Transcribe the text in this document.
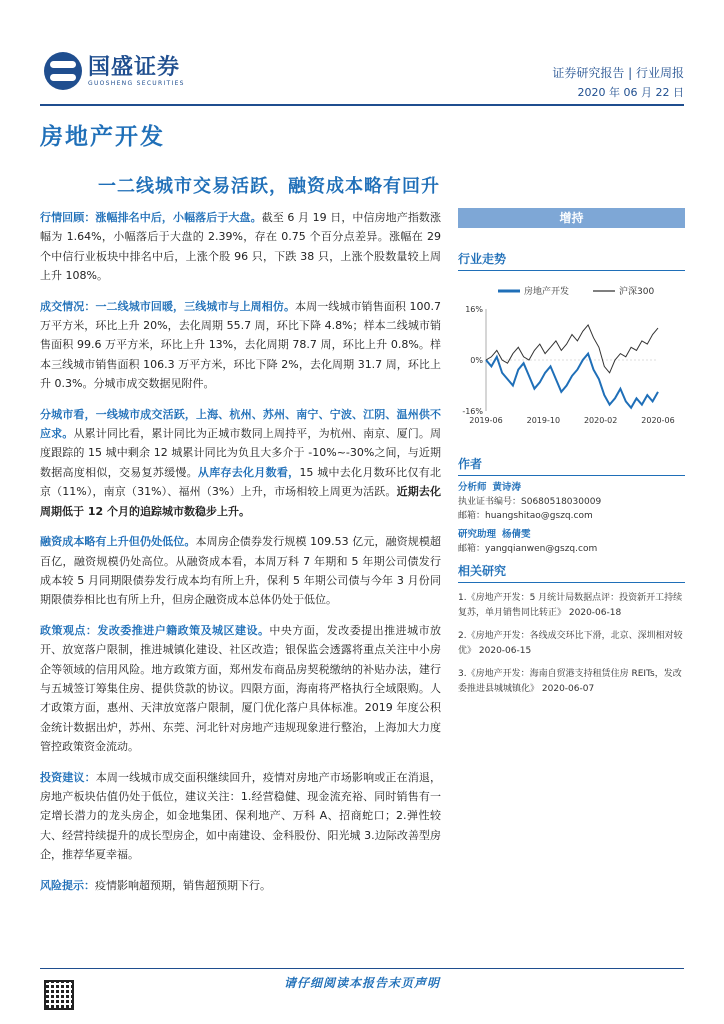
国盛证券
GUOSHENG SECURITIES
证券研究报告 | 行业周报
2020 年 06 月 22 日
房地产开发
一二线城市交易活跃，融资成本略有回升

行情回顾：涨幅排名中后，小幅落后于大盘。截至 6 月 19 日，中信房地产指数涨幅为 1.64%，小幅落后于大盘的 2.39%，存在 0.75 个百分点差异。涨幅在 29 个中信行业板块中排名中后，上涨个股 96 只，下跌 38 只，上涨个股数量较上周上升 108%。

成交情况：一二线城市回暖，三线城市与上周相仿。本周一线城市销售面积 100.7 万平方米，环比上升 20%，去化周期 55.7 周，环比下降 4.8%；样本二线城市销售面积 99.6 万平方米，环比上升 13%，去化周期 78.7 周，环比上升 0.8%。样本三线城市销售面积 106.3 万平方米，环比下降 2%，去化周期 31.7 周，环比上升 0.3%。分城市成交数据见附件。

分城市看，一线城市成交活跃，上海、杭州、苏州、南宁、宁波、江阴、温州供不应求。从累计同比看，累计同比为正城市数同上周持平，为杭州、南京、厦门。周度跟踪的 15 城中剩余 12 城累计同比为负且大多介于 -10%~-30%之间，与近期数据高度相似，交易复苏缓慢。从库存去化月数看，15 城中去化月数环比仅有北京（11%），南京（31%）、福州（3%）上升，市场相较上周更为活跃。近期去化周期低于 12 个月的追踪城市数稳步上升。

融资成本略有上升但仍处低位。本周房企债券发行规模 109.53 亿元，融资规模超百亿，融资规模仍处高位。从融资成本看，本周万科 7 年期和 5 年期公司债发行成本较 5 月同期限债券发行成本均有所上升，保利 5 年期公司债与今年 3 月份同期限债券相比也有所上升，但房企融资成本总体仍处于低位。

政策观点：发改委推进户籍政策及城区建设。中央方面，发改委提出推进城市放开、放宽落户限制，推进城镇化建设、社区改造；银保监会透露将重点关注中小房企等领域的信用风险。地方政策方面，郑州发布商品房契税缴纳的补贴办法，建行与五城签订筹集住房、提供贷款的协议。四限方面，海南将严格执行全域限购。人才政策方面，惠州、天津放宽落户限制，厦门优化落户具体标准。2019 年度公积金统计数据出炉，苏州、东莞、河北针对房地产违规现象进行整治，上海加大力度管控政策资金流动。

投资建议：本周一线城市成交面积继续回升，疫情对房地产市场影响或正在消退，房地产板块估值仍处于低位，建议关注：1.经营稳健、现金流充裕、同时销售有一定增长潜力的龙头房企，如金地集团、保利地产、万科 A、招商蛇口；2.弹性较大、经营持续提升的成长型房企，如中南建设、金科股份、阳光城 3.边际改善型房企，推荐华夏幸福。

风险提示：疫情影响超预期，销售超预期下行。

增持
行业走势
房地产开发	沪深300
16%
0%
-16%
2019-06	2019-10	2020-02	2020-06
作者
分析师 黄诗涛
执业证书编号：S0680518030009
邮箱：huangshitao@gszq.com
研究助理 杨倩雯
邮箱：yangqianwen@gszq.com
相关研究
1.《房地产开发：5 月统计局数据点评：投资新开工持续复苏，单月销售同比转正》 2020-06-18
2.《房地产开发：各线成交环比下滑，北京、深圳相对较优》 2020-06-15
3.《房地产开发：海南自贸港支持租赁住房 REITs，发改委推进县城城镇化》 2020-06-07
请仔细阅读本报告末页声明
